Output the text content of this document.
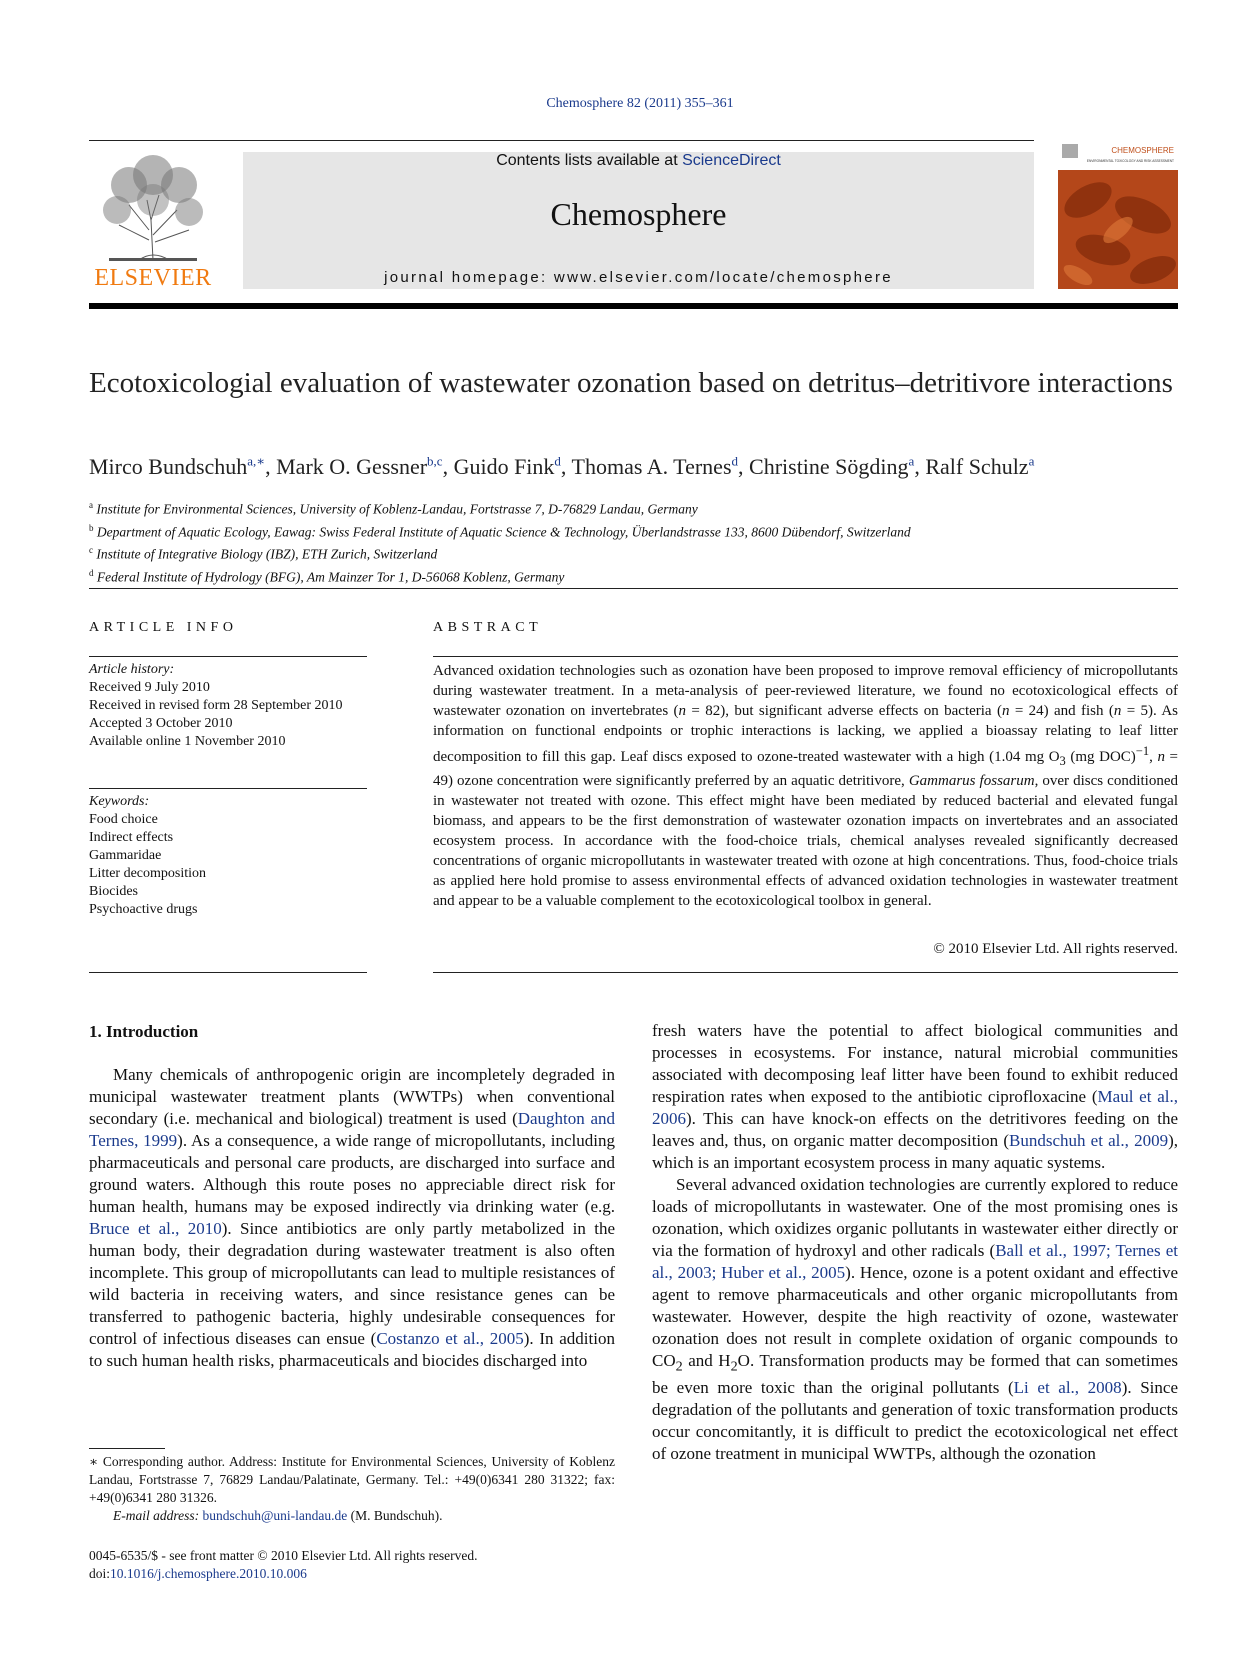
Chemosphere 82 (2011) 355–361
ELSEVIER
Contents lists available at ScienceDirect
Chemosphere
journal homepage: www.elsevier.com/locate/chemosphere
CHEMOSPHERE
ENVIRONMENTAL TOXICOLOGY AND RISK ASSESSMENT
Ecotoxicologial evaluation of wastewater ozonation based on detritus–detritivore interactions
Mirco Bundschuh$^{a,∗}$, Mark O. Gessner$^{b,c}$, Guido Fink$^d$, Thomas A. Ternes$^d$, Christine Sögding$^a$, Ralf Schulz$^a$
$^a$ Institute for Environmental Sciences, University of Koblenz-Landau, Fortstrasse 7, D-76829 Landau, Germany
$^b$ Department of Aquatic Ecology, Eawag: Swiss Federal Institute of Aquatic Science & Technology, Überlandstrasse 133, 8600 Dübendorf, Switzerland
$^c$ Institute of Integrative Biology (IBZ), ETH Zurich, Switzerland
$^d$ Federal Institute of Hydrology (BFG), Am Mainzer Tor 1, D-56068 Koblenz, Germany
ARTICLE INFO
Article history:
Received 9 July 2010
Received in revised form 28 September 2010
Accepted 3 October 2010
Available online 1 November 2010
Keywords:
Food choice
Indirect effects
Gammaridae
Litter decomposition
Biocides
Psychoactive drugs
ABSTRACT
Advanced oxidation technologies such as ozonation have been proposed to improve removal efficiency of micropollutants during wastewater treatment. In a meta-analysis of peer-reviewed literature, we found no ecotoxicological effects of wastewater ozonation on invertebrates (n = 82), but significant adverse effects on bacteria (n = 24) and fish (n = 5). As information on functional endpoints or trophic interactions is lacking, we applied a bioassay relating to leaf litter decomposition to fill this gap. Leaf discs exposed to ozone-treated wastewater with a high (1.04 mg $O_3$ (mg DOC)$^{-1}$, n = 49) ozone concentration were significantly preferred by an aquatic detritivore, Gammarus fossarum, over discs conditioned in wastewater not treated with ozone. This effect might have been mediated by reduced bacterial and elevated fungal biomass, and appears to be the first demonstration of wastewater ozonation impacts on invertebrates and an associated ecosystem process. In accordance with the food-choice trials, chemical analyses revealed significantly decreased concentrations of organic micropollutants in wastewater treated with ozone at high concentrations. Thus, food-choice trials as applied here hold promise to assess environmental effects of advanced oxidation technologies in wastewater treatment and appear to be a valuable complement to the ecotoxicological toolbox in general.
© 2010 Elsevier Ltd. All rights reserved.
1. Introduction
Many chemicals of anthropogenic origin are incompletely degraded in municipal wastewater treatment plants (WWTPs) when conventional secondary (i.e. mechanical and biological) treatment is used (Daughton and Ternes, 1999). As a consequence, a wide range of micropollutants, including pharmaceuticals and personal care products, are discharged into surface and ground waters. Although this route poses no appreciable direct risk for human health, humans may be exposed indirectly via drinking water (e.g. Bruce et al., 2010). Since antibiotics are only partly metabolized in the human body, their degradation during wastewater treatment is also often incomplete. This group of micropollutants can lead to multiple resistances of wild bacteria in receiving waters, and since resistance genes can be transferred to pathogenic bacteria, highly undesirable consequences for control of infectious diseases can ensue (Costanzo et al., 2005). In addition to such human health risks, pharmaceuticals and biocides discharged into

fresh waters have the potential to affect biological communities and processes in ecosystems. For instance, natural microbial communities associated with decomposing leaf litter have been found to exhibit reduced respiration rates when exposed to the antibiotic ciprofloxacine (Maul et al., 2006). This can have knock-on effects on the detritivores feeding on the leaves and, thus, on organic matter decomposition (Bundschuh et al., 2009), which is an important ecosystem process in many aquatic systems.

Several advanced oxidation technologies are currently explored to reduce loads of micropollutants in wastewater. One of the most promising ones is ozonation, which oxidizes organic pollutants in wastewater either directly or via the formation of hydroxyl and other radicals (Ball et al., 1997; Ternes et al., 2003; Huber et al., 2005). Hence, ozone is a potent oxidant and effective agent to remove pharmaceuticals and other organic micropollutants from wastewater. However, despite the high reactivity of ozone, wastewater ozonation does not result in complete oxidation of organic compounds to $CO_2$ and $H_2O$. Transformation products may be formed that can sometimes be even more toxic than the original pollutants (Li et al., 2008). Since degradation of the pollutants and generation of toxic transformation products occur concomitantly, it is difficult to predict the ecotoxicological net effect of ozone treatment in municipal WWTPs, although the ozonation

∗ Corresponding author. Address: Institute for Environmental Sciences, University of Koblenz Landau, Fortstrasse 7, 76829 Landau/Palatinate, Germany. Tel.: +49(0)6341 280 31322; fax: +49(0)6341 280 31326.
E-mail address: bundschuh@uni-landau.de (M. Bundschuh).
0045-6535/$ - see front matter © 2010 Elsevier Ltd. All rights reserved.
doi:10.1016/j.chemosphere.2010.10.006
